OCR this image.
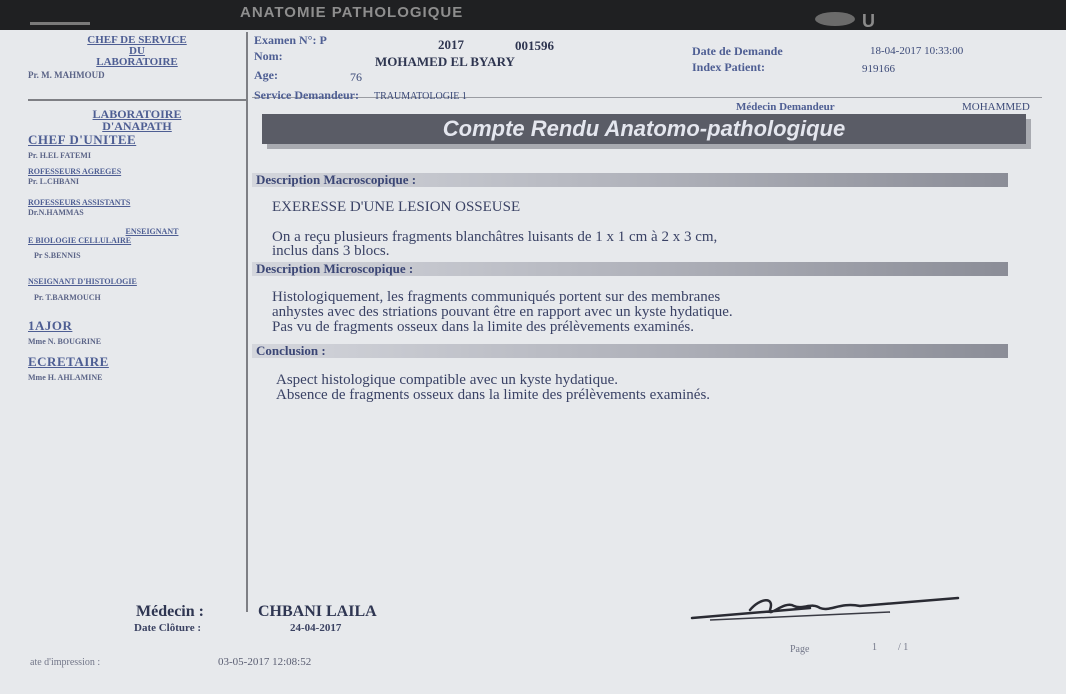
ANATOMIE PATHOLOGIQUE	U
CHEF DE SERVICE
DU
LABORATOIRE
Pr. M. MAHMOUD
LABORATOIRE
D'ANAPATH
CHEF D'UNITEE
Pr. H.EL FATEMI
ROFESSEURS AGREGES
Pr. L.CHBANI
ROFESSEURS ASSISTANTS
Dr.N.HAMMAS
ENSEIGNANT
E BIOLOGIE CELLULAIRE
Pr S.BENNIS
NSEIGNANT D'HISTOLOGIE
Pr. T.BARMOUCH
1AJOR
Mme N. BOUGRINE
ECRETAIRE
Mme H. AHLAMINE
Examen N°: P	2017	001596
Nom:	MOHAMED EL BYARY
Age:	76
Date de Demande	18-04-2017 10:33:00
Index Patient:	919166
Service Demandeur: TRAUMATOLOGIE 1
Médecin Demandeur	MOHAMMED
Compte Rendu Anatomo-pathologique
Description Macroscopique :
EXERESSE D'UNE LESION OSSEUSE
On a reçu plusieurs fragments blanchâtres luisants de 1 x 1 cm à 2 x 3 cm,
inclus dans 3 blocs.
Description Microscopique :
Histologiquement, les fragments communiqués portent sur des membranes
anhystes avec des striations pouvant être en rapport avec un kyste hydatique.
Pas vu de fragments osseux dans la limite des prélèvements examinés.
Conclusion :
Aspect histologique compatible avec un kyste hydatique.
Absence de fragments osseux dans la limite des prélèvements examinés.
Médecin :	CHBANI LAILA
Date Clôture :	24-04-2017
Page	1 / 1
ate d'impression :	03-05-2017 12:08:52
